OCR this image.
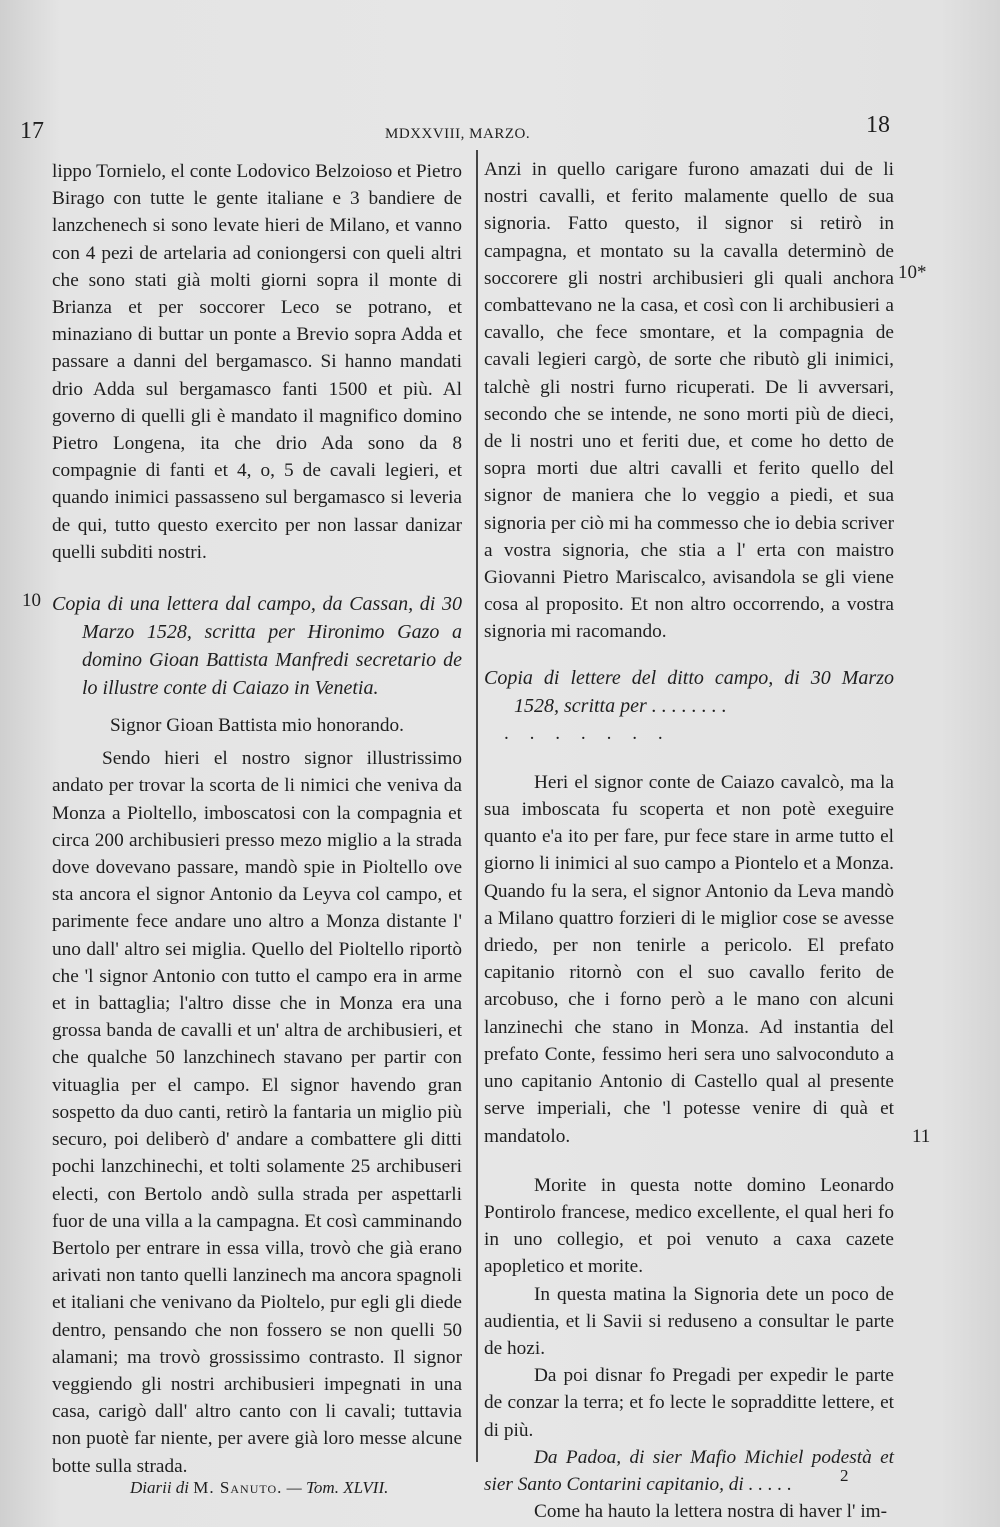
17	MDXXVIII, MARZO.	18
10
10*
11

lippo Tornielo, el conte Lodovico Belzoioso et Pietro Birago con tutte le gente italiane e 3 bandiere de lanzchenech si sono levate hieri de Milano, et vanno con 4 pezi de artelaria ad coniongersi con queli altri che sono stati già molti giorni sopra il monte di Brianza et per soccorer Leco se potrano, et minaziano di buttar un ponte a Brevio sopra Adda et passare a danni del bergamasco. Si hanno mandati drio Adda sul bergamasco fanti 1500 et più. Al governo di quelli gli è mandato il magnifico domino Pietro Longena, ita che drio Ada sono da 8 compagnie di fanti et 4, o, 5 de cavali legieri, et quando inimici passasseno sul bergamasco si leveria de qui, tutto questo exercito per non lassar danizar quelli subditi nostri.

Copia di una lettera dal campo, da Cassan, di 30 Marzo 1528, scritta per Hironimo Gazo a domino Gioan Battista Manfredi secretario de lo illustre conte di Caiazo in Venetia.

Signor Gioan Battista mio honorando.

Sendo hieri el nostro signor illustrissimo andato per trovar la scorta de li nimici che veniva da Monza a Pioltello, imboscatosi con la compagnia et circa 200 archibusieri presso mezo miglio a la strada dove dovevano passare, mandò spie in Pioltello ove sta ancora el signor Antonio da Leyva col campo, et parimente fece andare uno altro a Monza distante l' uno dall' altro sei miglia. Quello del Pioltello riportò che 'l signor Antonio con tutto el campo era in arme et in battaglia; l'altro disse che in Monza era una grossa banda de cavalli et un' altra de archibusieri, et che qualche 50 lanzchinech stavano per partir con vituaglia per el campo. El signor havendo gran sospetto da duo canti, retirò la fantaria un miglio più securo, poi deliberò d' andare a combattere gli ditti pochi lanzchinechi, et tolti solamente 25 archibuseri electi, con Bertolo andò sulla strada per aspettarli fuor de una villa a la campagna. Et così camminando Bertolo per entrare in essa villa, trovò che già erano arivati non tanto quelli lanzinech ma ancora spagnoli et italiani che venivano da Pioltelo, pur egli gli diede dentro, pensando che non fossero se non quelli 50 alamani; ma trovò grossissimo contrasto. Il signor veggiendo gli nostri archibusieri impegnati in una casa, carigò dall' altro canto con li cavali; tuttavia non puotè far niente, per avere già loro messe alcune botte sulla strada.

Anzi in quello carigare furono amazati dui de li nostri cavalli, et ferito malamente quello de sua signoria. Fatto questo, il signor si retirò in campagna, et montato su la cavalla determinò de soccorere gli nostri archibusieri gli quali anchora combattevano ne la casa, et così con li archibusieri a cavallo, che fece smontare, et la compagnia de cavali legieri cargò, de sorte che ributò gli inimici, talchè gli nostri furno ricuperati. De li avversari, secondo che se intende, ne sono morti più de dieci, de li nostri uno et feriti due, et come ho detto de sopra morti due altri cavalli et ferito quello del signor de maniera che lo veggio a piedi, et sua signoria per ciò mi ha commesso che io debia scriver a vostra signoria, che stia a l' erta con maistro Giovanni Pietro Mariscalco, avisandola se gli viene cosa al proposito. Et non altro occorrendo, a vostra signoria mi racomando.

Copia di lettere del ditto campo, di 30 Marzo 1528, scritta per . . . . . . . .

. . . . . . .

Heri el signor conte de Caiazo cavalcò, ma la sua imboscata fu scoperta et non potè exeguire quanto e'a ito per fare, pur fece stare in arme tutto el giorno li inimici al suo campo a Piontelo et a Monza. Quando fu la sera, el signor Antonio da Leva mandò a Milano quattro forzieri di le miglior cose se avesse driedo, per non tenirle a pericolo. El prefato capitanio ritornò con el suo cavallo ferito de arcobuso, che i forno però a le mano con alcuni lanzinechi che stano in Monza. Ad instantia del prefato Conte, fessimo heri sera uno salvoconduto a uno capitanio Antonio di Castello qual al presente serve imperiali, che 'l potesse venire di quà et mandatolo.

Morite in questa notte domino Leonardo Pontirolo francese, medico excellente, el qual heri fo in uno collegio, et poi venuto a caxa cazete apopletico et morite.

In questa matina la Signoria dete un poco de audientia, et li Savii si reduseno a consultar le parte de hozi.

Da poi disnar fo Pregadi per expedir le parte de conzar la terra; et fo lecte le sopradditte lettere, et di più.

Da Padoa, di sier Mafio Michiel podestà et sier Santo Contarini capitanio, di . . . . .

Come ha hauto la lettera nostra di haver l' im-

Diarii di M. Sanuto. — Tom. XLVII.
2
